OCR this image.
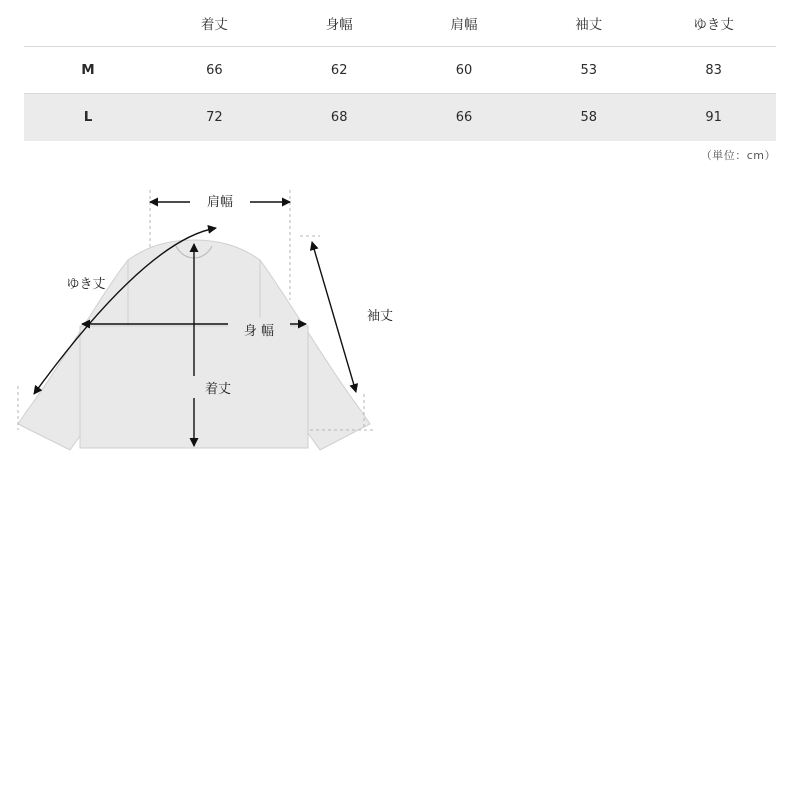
	着丈	身幅	肩幅	袖丈	ゆき丈
M	66	62	60	53	83
L	72	68	66	58	91
（単位：cm）
肩幅
ゆき丈
袖丈
身 幅
着丈
